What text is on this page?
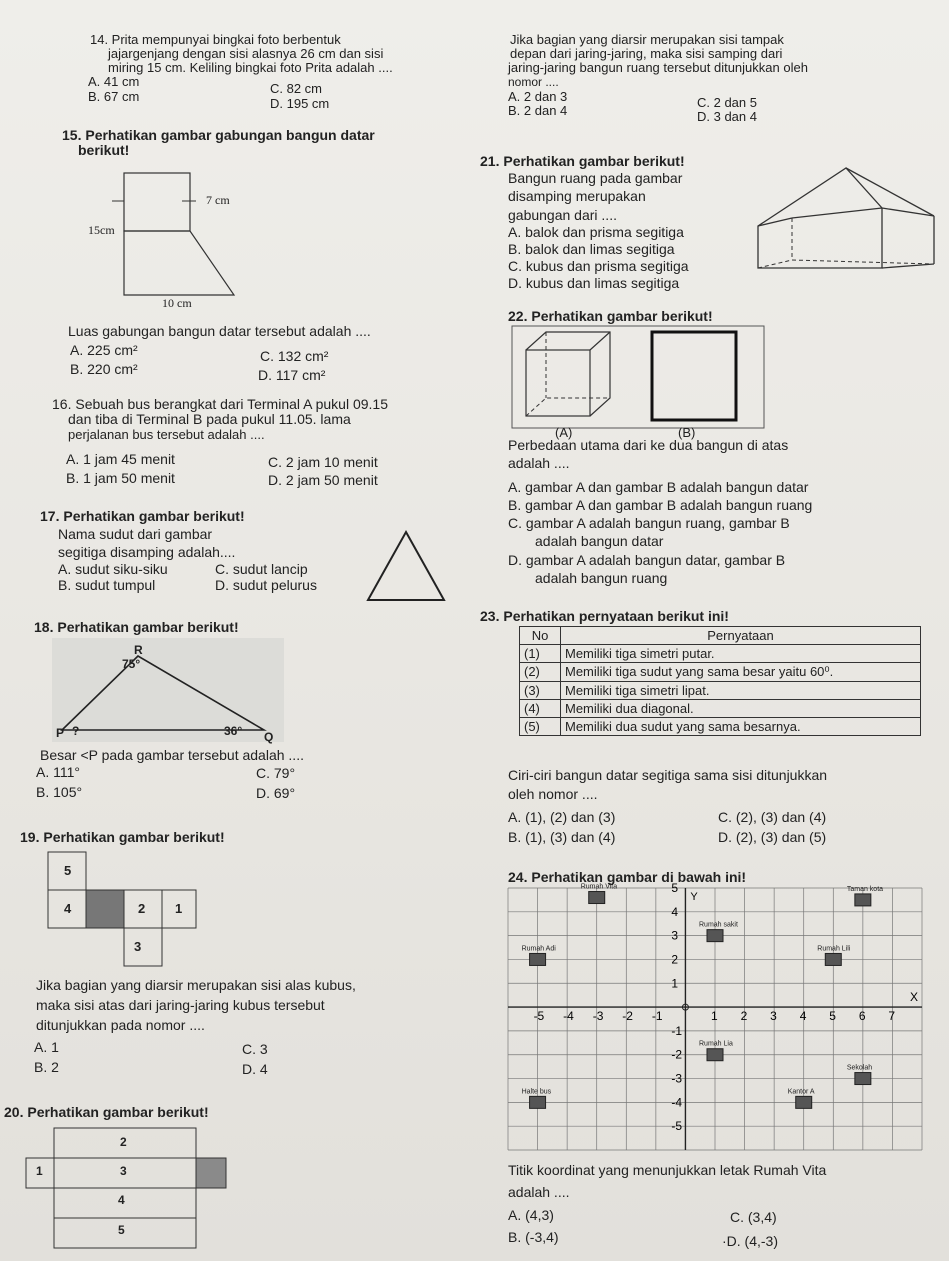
14. Prita mempunyai bingkai foto berbentuk
jajargenjang dengan sisi alasnya 26 cm dan sisi
miring 15 cm. Keliling bingkai foto Prita adalah ....
A. 41 cm	C. 82 cm
B. 67 cm	D. 195 cm
Jika bagian yang diarsir merupakan sisi tampak
depan dari jaring-jaring, maka sisi samping dari
jaring-jaring bangun ruang tersebut ditunjukkan oleh
nomor ....
A. 2 dan 3	C. 2 dan 5
B. 2 dan 4	D. 3 dan 4
15. Perhatikan gambar gabungan bangun datar
berikut!
7 cm
15cm
10 cm
Luas gabungan bangun datar tersebut adalah ....
A. 225 cm²	C. 132 cm²
B. 220 cm²	D. 117 cm²
16. Sebuah bus berangkat dari Terminal A pukul 09.15
dan tiba di Terminal B pada pukul 11.05. lama
perjalanan bus tersebut adalah ....
A. 1 jam 45 menit	C. 2 jam 10 menit
B. 1 jam 50 menit	D. 2 jam 50 menit
17. Perhatikan gambar berikut!
Nama sudut dari gambar
segitiga disamping adalah....
A. sudut siku-siku	C. sudut lancip
B. sudut tumpul	D. sudut pelurus
18. Perhatikan gambar berikut!
R
75°
36°
P ?	Q
Besar <P pada gambar tersebut adalah ....
A. 111°	C. 79°
B. 105°	D. 69°
19. Perhatikan gambar berikut!
5
4	2 1
3
Jika bagian yang diarsir merupakan sisi alas kubus,
maka sisi atas dari jaring-jaring kubus tersebut
ditunjukkan pada nomor ....
A. 1	C. 3
B. 2	D. 4
20. Perhatikan gambar berikut!
2
1	3
4
5
21. Perhatikan gambar berikut!
Bangun ruang pada gambar
disamping merupakan
gabungan dari ....
A. balok dan prisma segitiga
B. balok dan limas segitiga
C. kubus dan prisma segitiga
D. kubus dan limas segitiga
22. Perhatikan gambar berikut!
(A)	(B)
Perbedaan utama dari ke dua bangun di atas
adalah ....
A. gambar A dan gambar B adalah bangun datar
B. gambar A dan gambar B adalah bangun ruang
C. gambar A adalah bangun ruang, gambar B
adalah bangun datar
D. gambar A adalah bangun datar, gambar B
adalah bangun ruang
23. Perhatikan pernyataan berikut ini!
No	Pernyataan
(1)	Memiliki tiga simetri putar.
(2)	Memiliki tiga sudut yang sama besar yaitu 60⁰.
(3)	Memiliki tiga simetri lipat.
(4)	Memiliki dua diagonal.
(5)	Memiliki dua sudut yang sama besarnya.
Ciri-ciri bangun datar segitiga sama sisi ditunjukkan
oleh nomor ....
A. (1), (2) dan (3)	C. (2), (3) dan (4)
B. (1), (3) dan (4)	D. (2), (3) dan (5)
24. Perhatikan gambar di bawah ini!
Y
X
-5 -4 -3 -2 -1	1 2 3 4 5 6 7
5
4
3
2
1
-1
-2
-3
-4
-5
Rumah Vita	Taman kota
Rumah sakit
Rumah Adi	Rumah Lili
Rumah Lia
Sekolah
Halte bus	Kantor A
Titik koordinat yang menunjukkan letak Rumah Vita
adalah ....
A. (4,3)	C. (3,4)
B. (-3,4)	·D. (4,-3)
